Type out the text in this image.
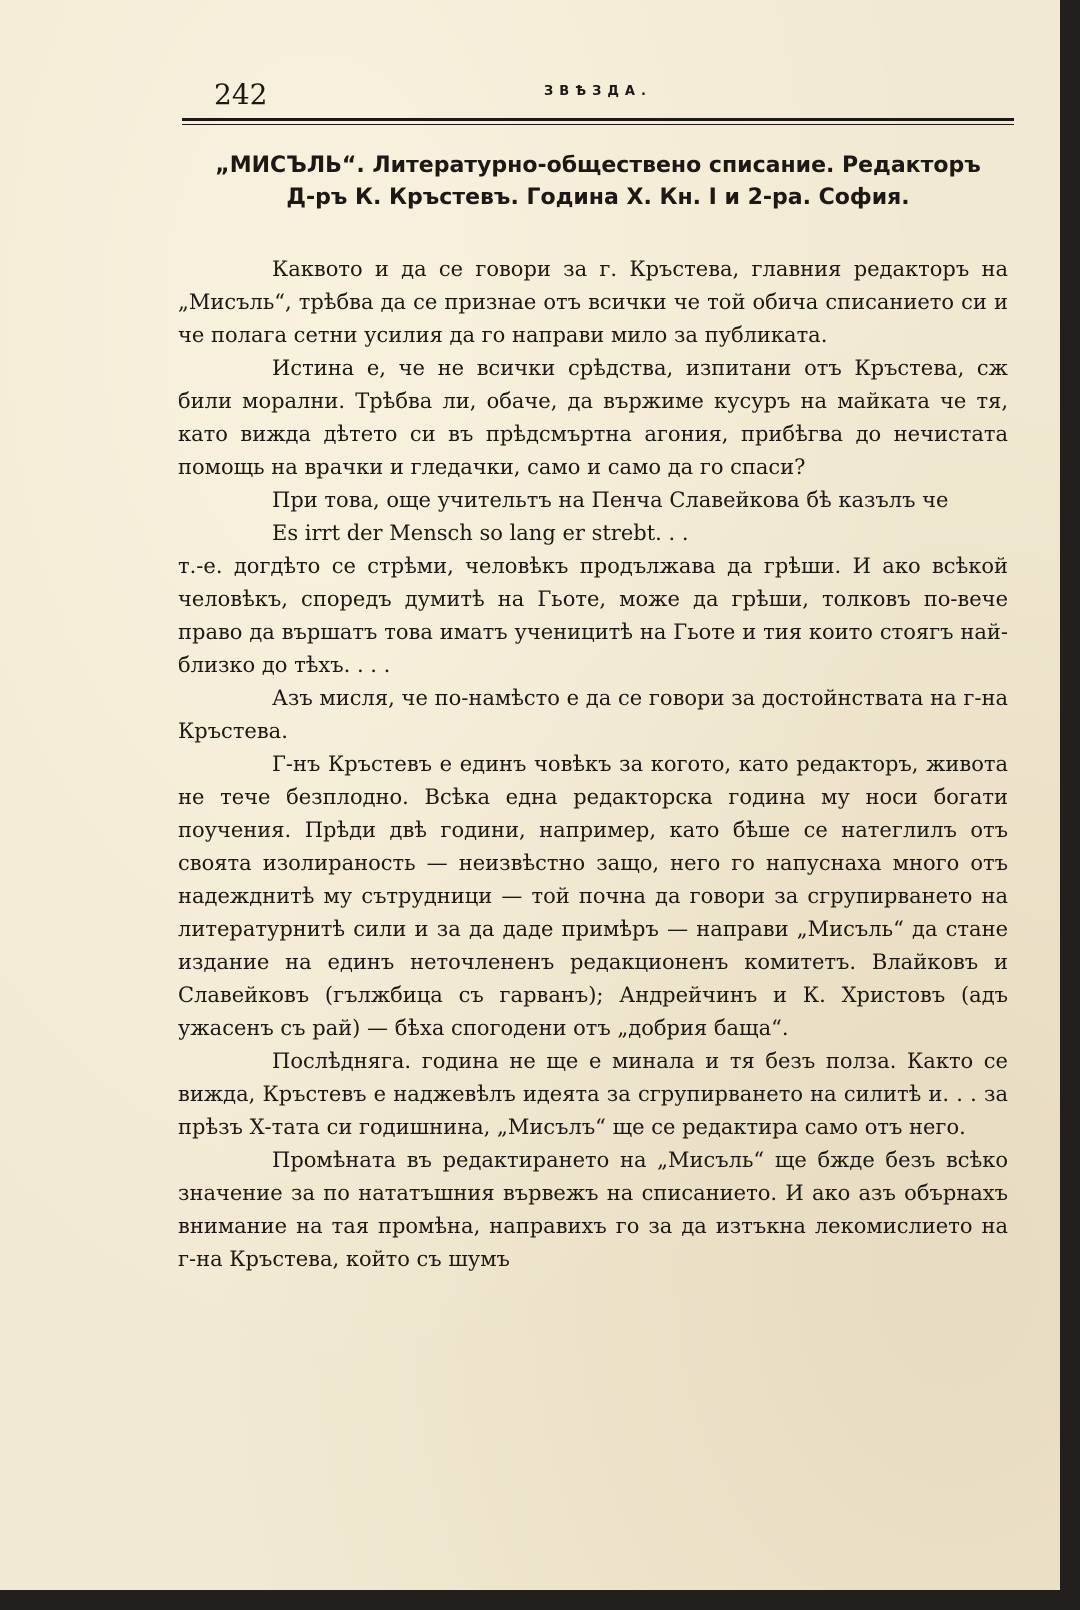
242	ЗВѢЗДА.
„МИСЪЛЬ“. Литературно-обществено списание. Редакторъ
Д-ръ К. Кръстевъ. Година Х. Кн. I и 2-ра. София.

Каквото и да се говори за г. Кръстева, главния редакторъ на „Мисъль“, трѣбва да се признае отъ всички че той обича списанието си и че полага сетни усилия да го направи мило за публиката.

Истина е, че не всички срѣдства, изпитани отъ Кръстева, сж били морални. Трѣбва ли, обаче, да вържиме кусуръ на майката че тя, като вижда дѣтето си въ прѣдсмъртна агония, прибѣгва до нечистата помощь на врачки и гледачки, само и само да го спаси?

При това, още учительтъ на Пенча Славейкова бѣ казълъ че

Es irrt der Mensch so lang er strebt. . .

т.-е. догдѣто се стрѣми, человѣкъ продължава да грѣши. И ако всѣкой человѣкъ, споредъ думитѣ на Гьоте, може да грѣши, толковъ по-вече право да вършатъ това иматъ ученицитѣ на Гьоте и тия които стоягъ най-близко до тѣхъ. . . .

Азъ мисля, че по-намѣсто е да се говори за достойнствата на г-на Кръстева.

Г-нъ Кръстевъ е единъ човѣкъ за когото, като редакторъ, живота не тече безплодно. Всѣка една редакторска година му носи богати поучения. Прѣди двѣ години, например, като бѣше се натеглилъ отъ своята изолираность — неизвѣстно защо, него го напуснаха много отъ надежднитѣ му сътрудници — той почна да говори за сгрупирването на литературнитѣ сили и за да даде примѣръ — направи „Мисъль“ да стане издание на единъ неточлененъ редакционенъ комитетъ. Влайковъ и Славейковъ (гължбица съ гарванъ); Андрейчинъ и К. Христовъ (адъ ужасенъ съ рай) — бѣха спогодени отъ „добрия баща“.

Послѣдняга. година не ще е минала и тя безъ полза. Както се вижда, Кръстевъ е наджевѣлъ идеята за сгрупирването на силитѣ и. . . за прѣзъ Х-тата си годишнина, „Мисълъ“ ще се редактира само отъ него.

Промѣната въ редактирането на „Мисъль“ ще бжде безъ всѣко значение за по нататъшния вървежъ на списанието. И ако азъ обърнахъ внимание на тая промѣна, направихъ го за да изтъкна лекомислието на г-на Кръстева, който съ шумъ
